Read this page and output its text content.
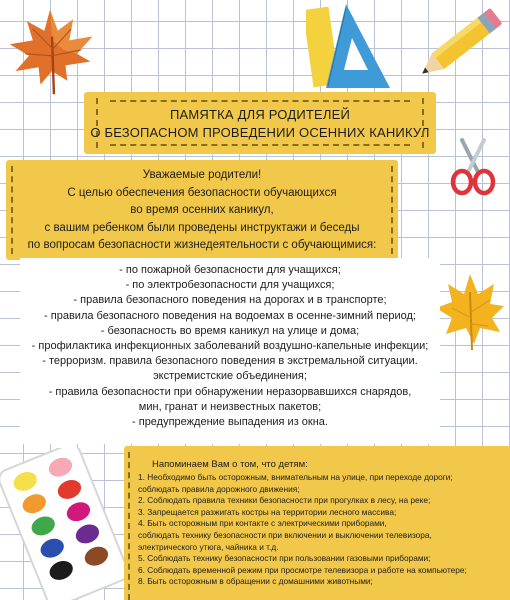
ПАМЯТКА ДЛЯ РОДИТЕЛЕЙ
О БЕЗОПАСНОМ ПРОВЕДЕНИИ ОСЕННИХ КАНИКУЛ
Уважаемые родители!
С целью обеспечения безопасности обучающихся
во время осенних каникул,
с вашим ребенком были проведены инструктажи и беседы
по вопросам безопасности жизнедеятельности с обучающимися:
- по пожарной безопасности для учащихся;
- по электробезопасности для учащихся;
- правила безопасного поведения на дорогах и в транспорте;
- правила безопасного поведения на водоемах в осенне-зимний период;
- безопасность во время каникул на улице и дома;
- профилактика инфекционных заболеваний воздушно-капельные инфекции;
- терроризм. правила безопасного поведения в экстремальной ситуации.
экстремистские объединения;
- правила безопасности при обнаружении неразорвавшихся снарядов,
мин, гранат и неизвестных пакетов;
- предупреждение выпадения из окна.
Напоминаем Вам о том, что детям:
1. Необходимо быть осторожным, внимательным на улице, при переходе дороги;
соблюдать правила дорожного движения;
2. Соблюдать правила техники безопасности при прогулках в лесу, на реке;
3. Запрещается разжигать костры на территории лесного массива;
4. Быть осторожным при контакте с электрическими приборами,
соблюдать технику безопасности при включении и выключении телевизора,
электрического утюга, чайника и т.д.
5. Соблюдать технику безопасности при пользовании газовыми приборами;
6. Соблюдать временной режим при просмотре телевизора и работе на компьютере;
8. Быть осторожным в обращении с домашними животными;
